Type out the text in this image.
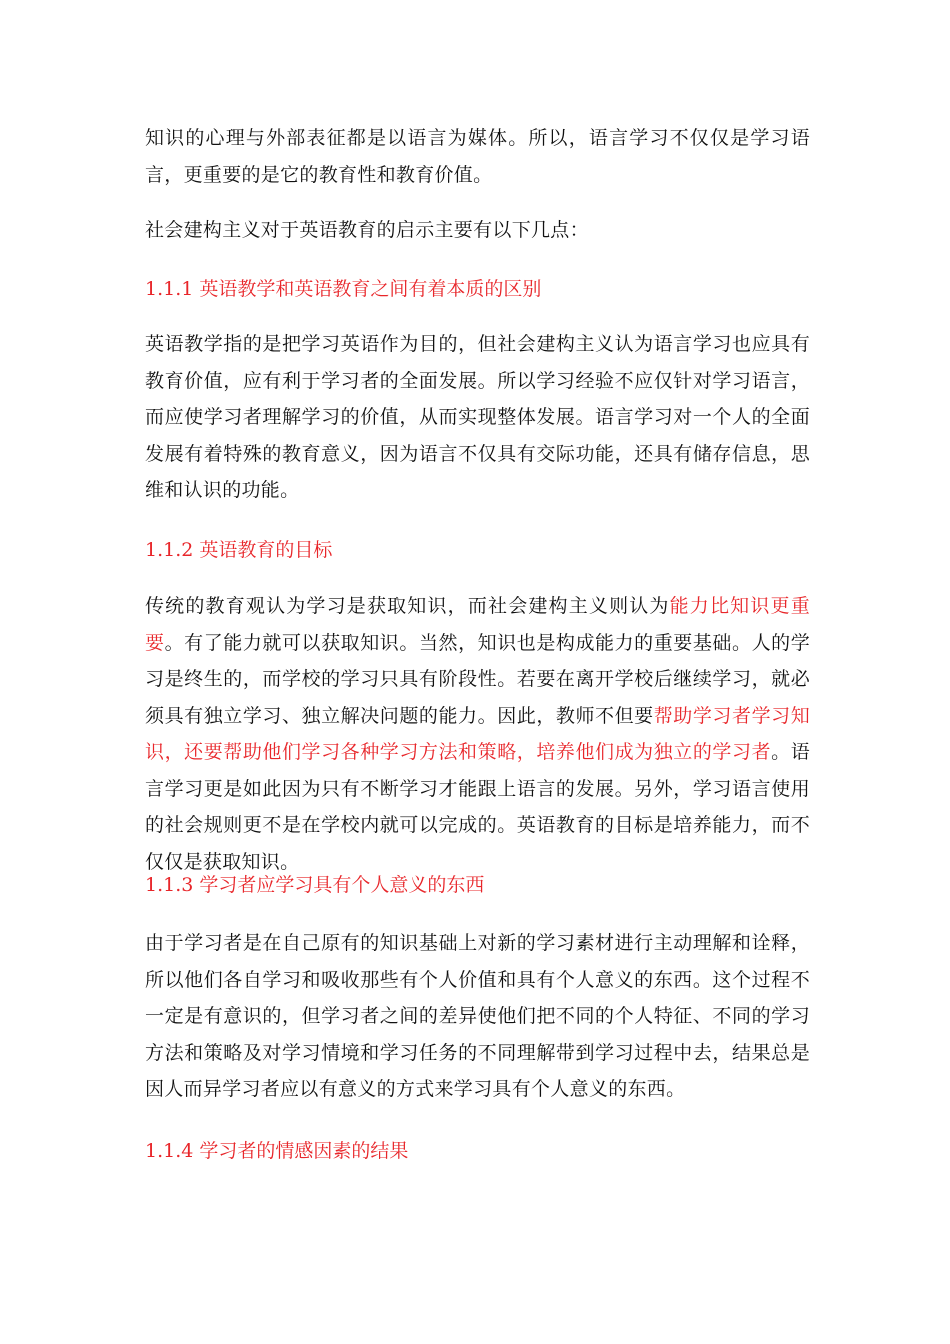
知识的心理与外部表征都是以语言为媒体。所以，语言学习不仅仅是学习语言，更重要的是它的教育性和教育价值。
社会建构主义对于英语教育的启示主要有以下几点：
1.1.1 英语教学和英语教育之间有着本质的区别
英语教学指的是把学习英语作为目的，但社会建构主义认为语言学习也应具有教育价值，应有利于学习者的全面发展。所以学习经验不应仅针对学习语言，而应使学习者理解学习的价值，从而实现整体发展。语言学习对一个人的全面发展有着特殊的教育意义，因为语言不仅具有交际功能，还具有储存信息，思维和认识的功能。
1.1.2 英语教育的目标
传统的教育观认为学习是获取知识，而社会建构主义则认为能力比知识更重要。有了能力就可以获取知识。当然，知识也是构成能力的重要基础。人的学习是终生的，而学校的学习只具有阶段性。若要在离开学校后继续学习，就必须具有独立学习、独立解决问题的能力。因此，教师不但要帮助学习者学习知识，还要帮助他们学习各种学习方法和策略，培养他们成为独立的学习者。语言学习更是如此因为只有不断学习才能跟上语言的发展。另外，学习语言使用的社会规则更不是在学校内就可以完成的。英语教育的目标是培养能力，而不仅仅是获取知识。
1.1.3 学习者应学习具有个人意义的东西
由于学习者是在自己原有的知识基础上对新的学习素材进行主动理解和诠释，所以他们各自学习和吸收那些有个人价值和具有个人意义的东西。这个过程不一定是有意识的，但学习者之间的差异使他们把不同的个人特征、不同的学习方法和策略及对学习情境和学习任务的不同理解带到学习过程中去，结果总是因人而异学习者应以有意义的方式来学习具有个人意义的东西。
1.1.4 学习者的情感因素的结果
